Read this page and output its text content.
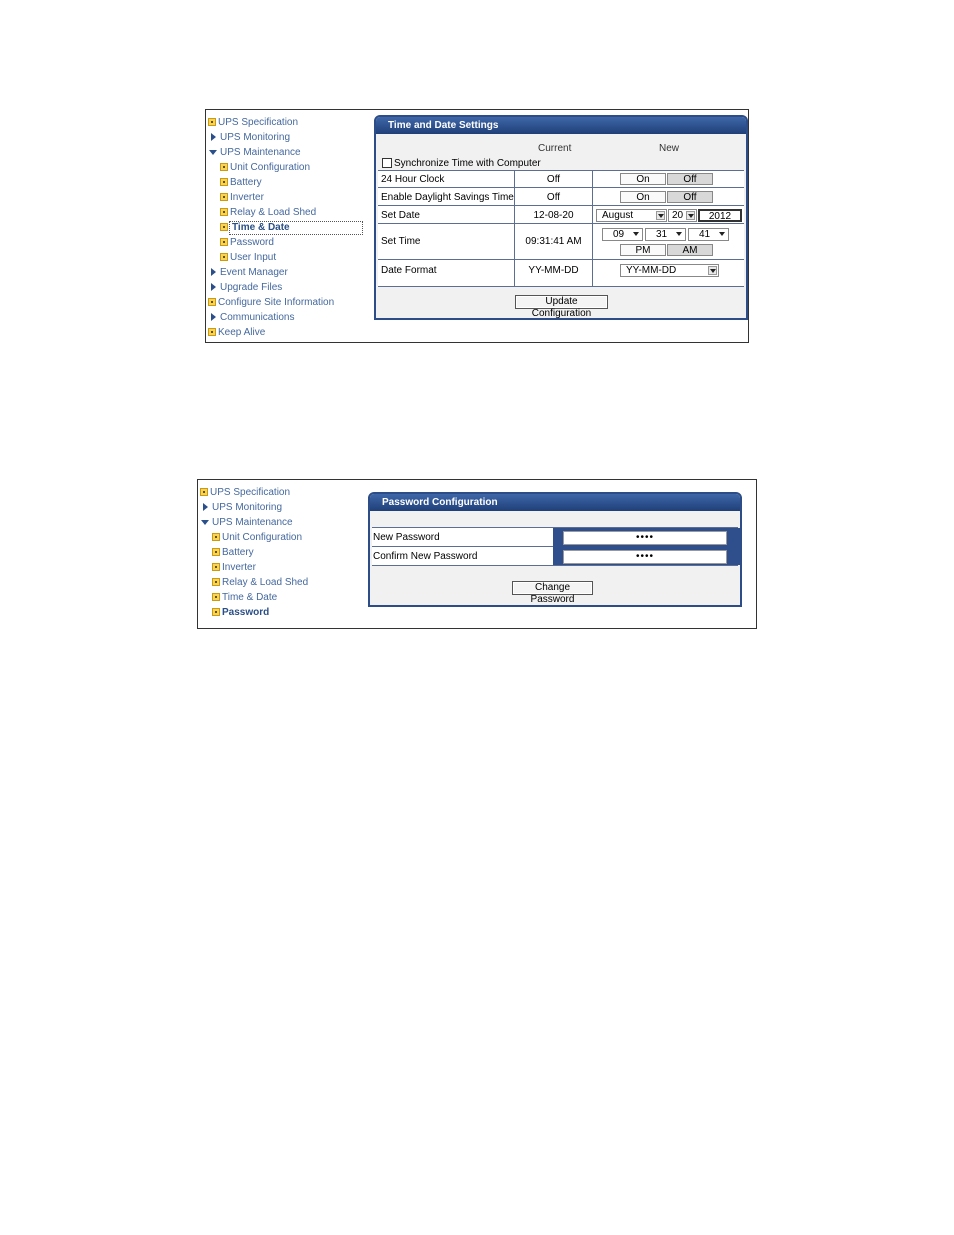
UPS Specification
UPS Monitoring
UPS Maintenance
Unit Configuration
Battery
Inverter
Relay & Load Shed
Time & Date
Password
User Input
Event Manager
Upgrade Files
Configure Site Information
Communications
Keep Alive
Time and Date Settings
Current	New
Synchronize Time with Computer
24 Hour Clock	Off	On	Off
Enable Daylight Savings Time	Off	On	Off
Set Date	12-08-20	August	20	2012
Set Time	09:31:41 AM
09	31	41
PM	AM
Date Format	YY-MM-DD	YY-MM-DD
Update Configuration
UPS Specification
UPS Monitoring
UPS Maintenance
Unit Configuration
Battery
Inverter
Relay & Load Shed
Time & Date
Password
Password Configuration
New Password	••••
Confirm New Password	••••
Change Password
